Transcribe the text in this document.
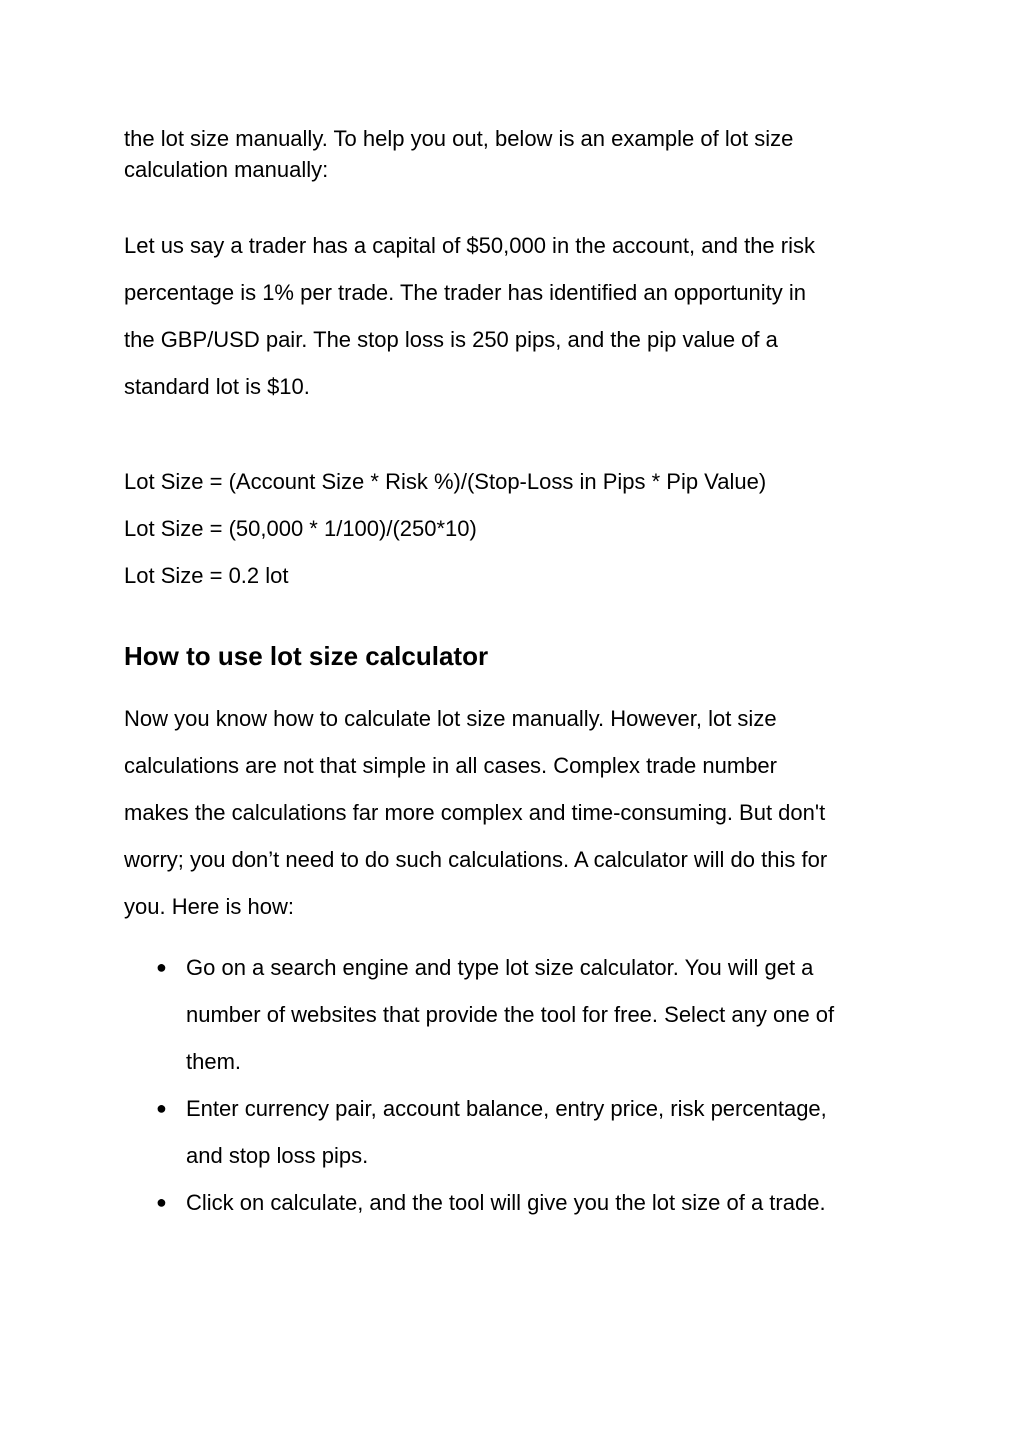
the lot size manually. To help you out, below is an example of lot size
calculation manually:
Let us say a trader has a capital of $50,000 in the account, and the risk
percentage is 1% per trade. The trader has identified an opportunity in
the GBP/USD pair. The stop loss is 250 pips, and the pip value of a
standard lot is $10.
Lot Size = (Account Size * Risk %)/(Stop-Loss in Pips * Pip Value)
Lot Size = (50,000 * 1/100)/(250*10)
Lot Size = 0.2 lot
How to use lot size calculator
Now you know how to calculate lot size manually. However, lot size
calculations are not that simple in all cases. Complex trade number
makes the calculations far more complex and time-consuming. But don't
worry; you don’t need to do such calculations. A calculator will do this for
you. Here is how:
● Go on a search engine and type lot size calculator. You will get a
number of websites that provide the tool for free. Select any one of
them.
● Enter currency pair, account balance, entry price, risk percentage,
and stop loss pips.
● Click on calculate, and the tool will give you the lot size of a trade.
